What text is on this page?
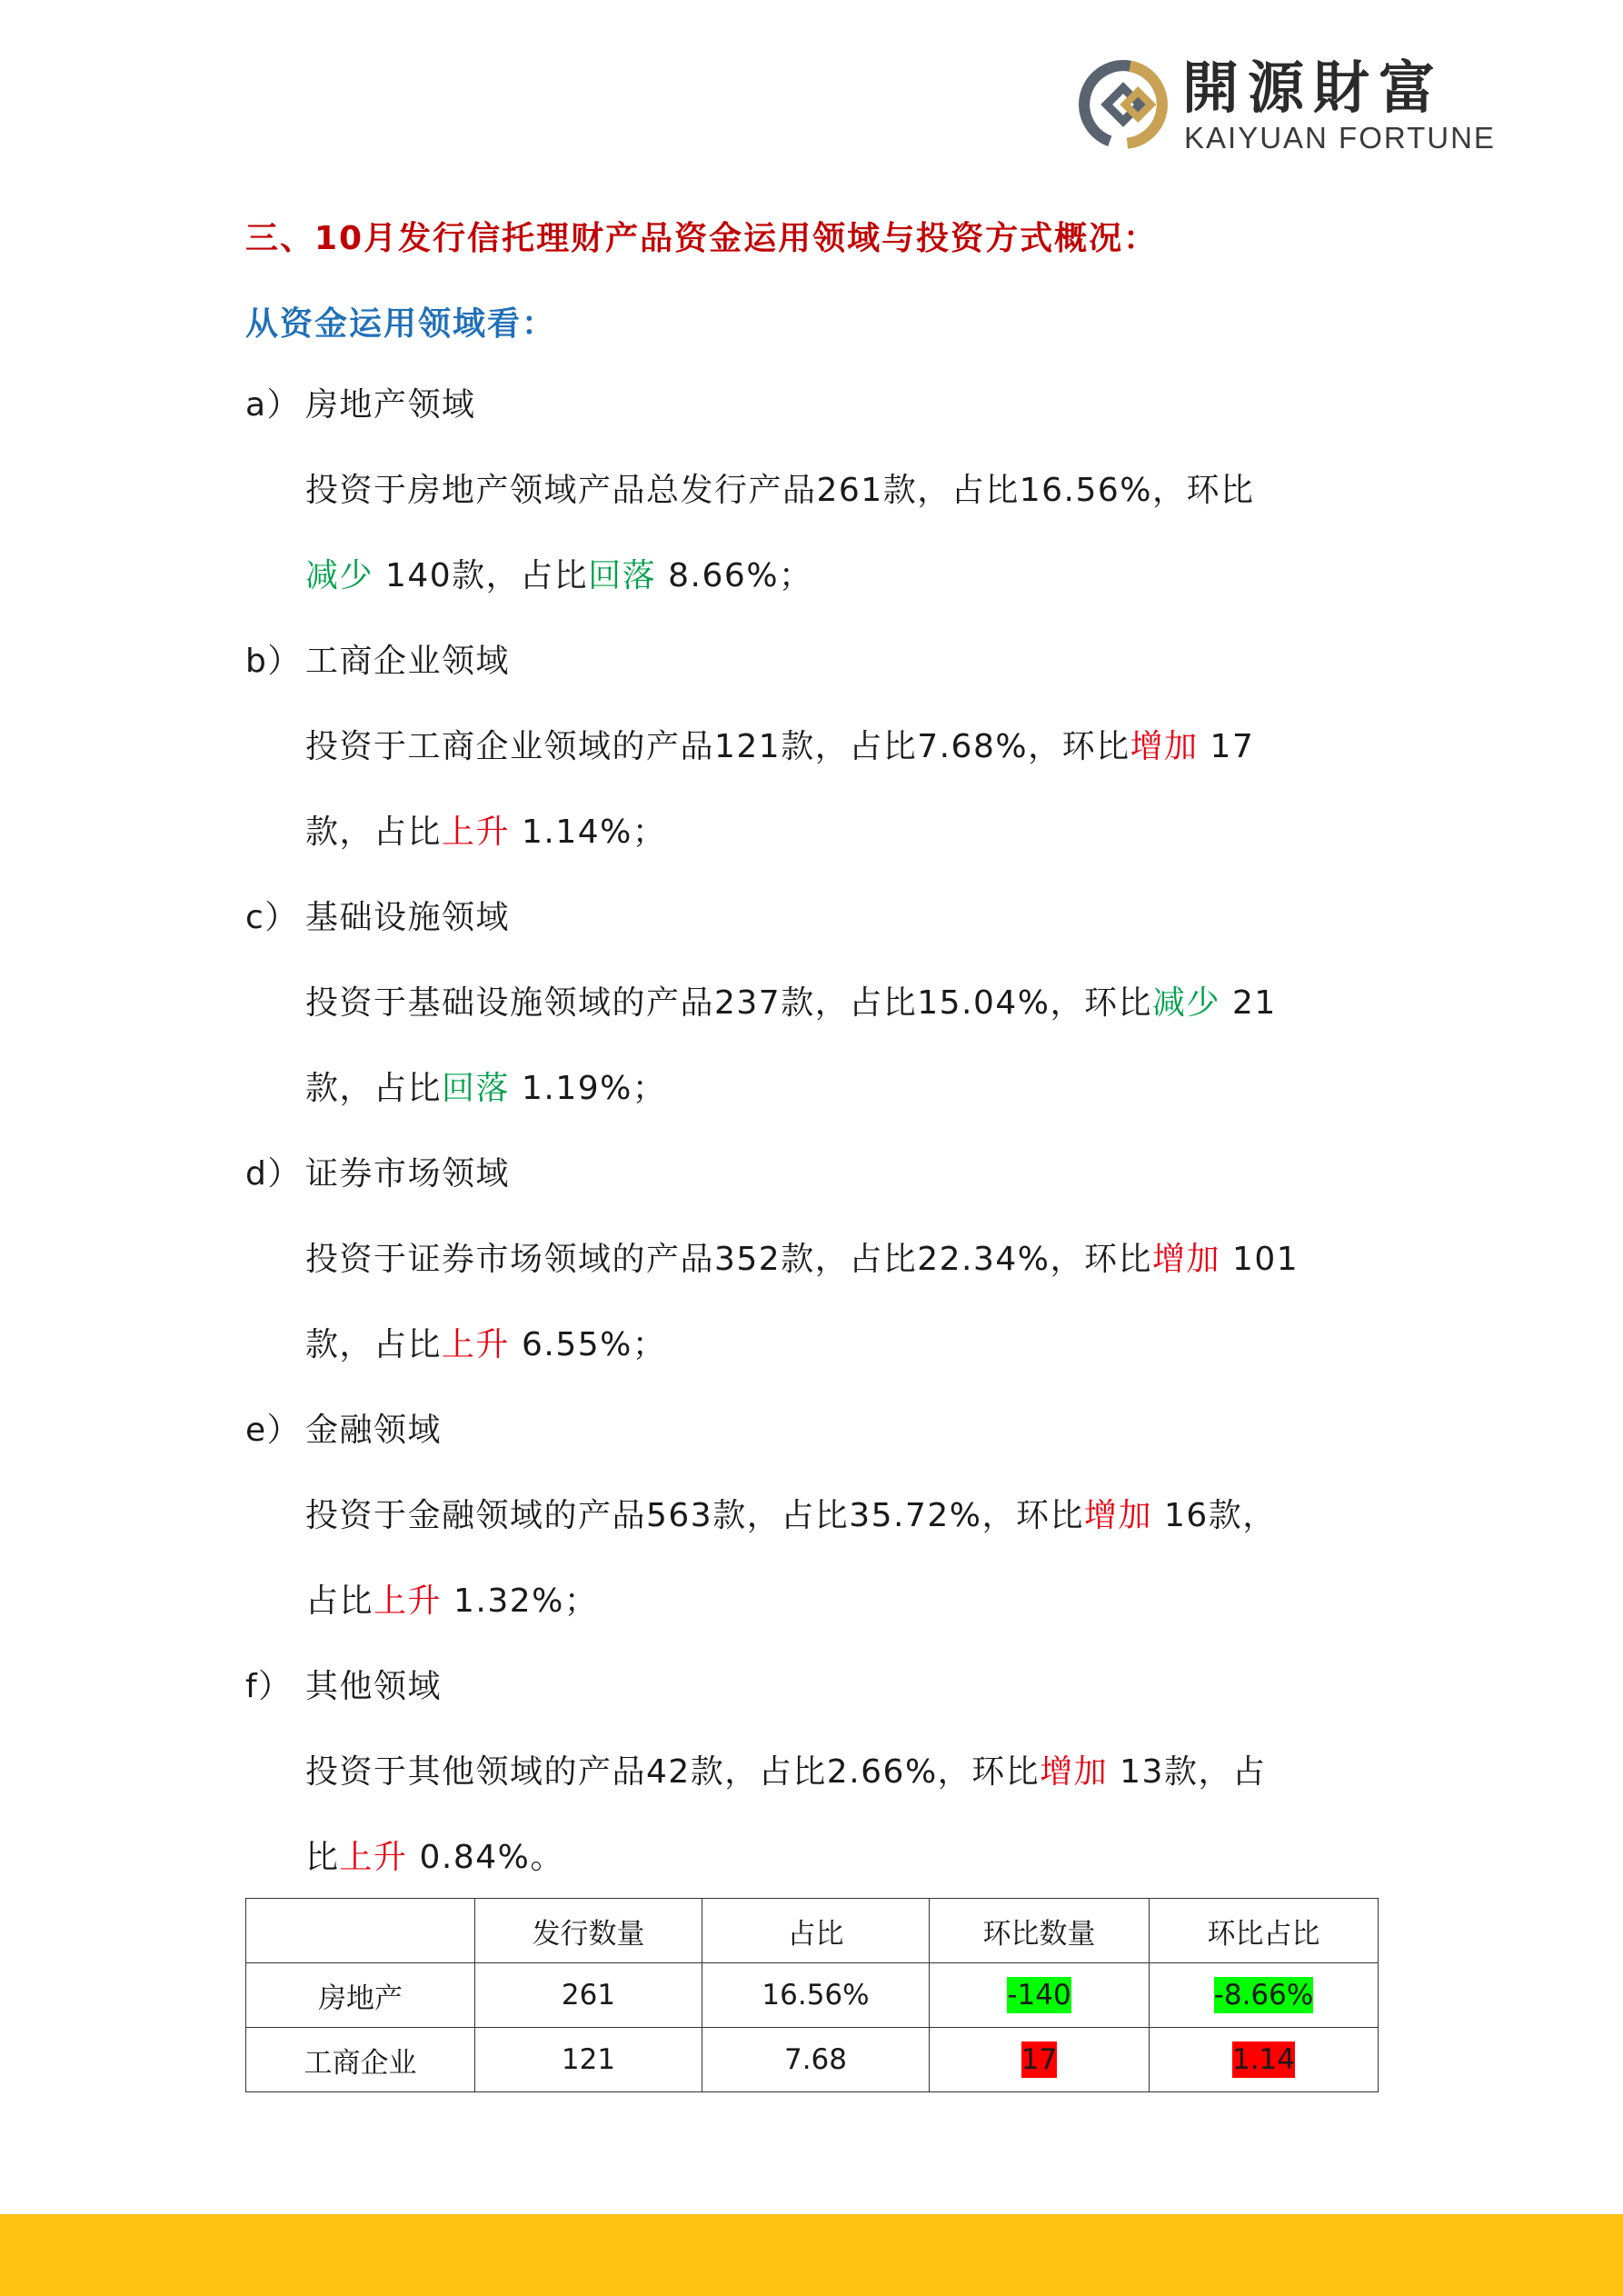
開源財富
KAIYUAN FORTUNE
三、10月发行信托理财产品资金运用领域与投资方式概况：
从资金运用领域看：
a） 房地产领域
投资于房地产领域产品总发行产品261款，占比16.56%，环比
减少 140款，占比回落 8.66%；
b） 工商企业领域
投资于工商企业领域的产品121款，占比7.68%，环比增加 17
款，占比上升 1.14%；
c） 基础设施领域
投资于基础设施领域的产品237款，占比15.04%，环比减少 21
款，占比回落 1.19%；
d） 证券市场领域
投资于证券市场领域的产品352款，占比22.34%，环比增加 101
款，占比上升 6.55%；
e） 金融领域
投资于金融领域的产品563款，占比35.72%，环比增加 16款，
占比上升 1.32%；
f） 其他领域
投资于其他领域的产品42款，占比2.66%，环比增加 13款，占
比上升 0.84%。
	发行数量	占比	环比数量	环比占比
房地产	261	16.56%	-140	-8.66%
工商企业	121	7.68	17	1.14
